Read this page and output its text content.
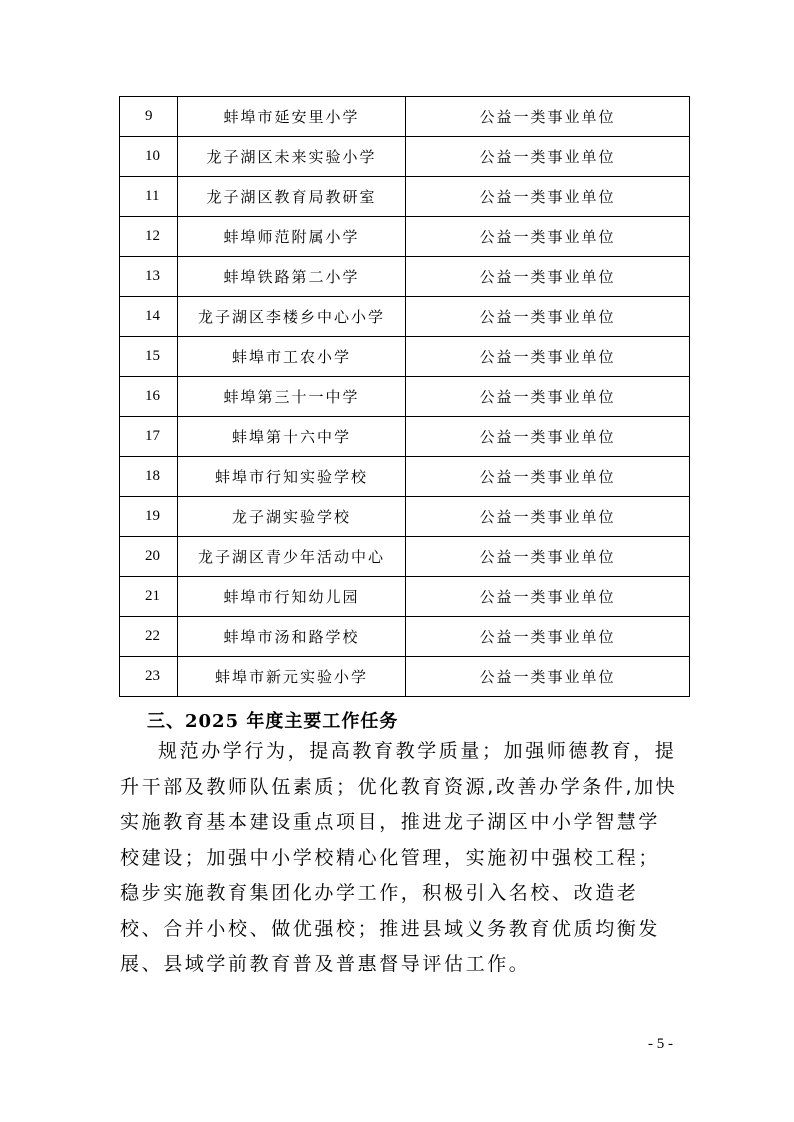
9	蚌埠市延安里小学	公益一类事业单位
10	龙子湖区未来实验小学	公益一类事业单位
11	龙子湖区教育局教研室	公益一类事业单位
12	蚌埠师范附属小学	公益一类事业单位
13	蚌埠铁路第二小学	公益一类事业单位
14	龙子湖区李楼乡中心小学	公益一类事业单位
15	蚌埠市工农小学	公益一类事业单位
16	蚌埠第三十一中学	公益一类事业单位
17	蚌埠第十六中学	公益一类事业单位
18	蚌埠市行知实验学校	公益一类事业单位
19	龙子湖实验学校	公益一类事业单位
20	龙子湖区青少年活动中心	公益一类事业单位
21	蚌埠市行知幼儿园	公益一类事业单位
22	蚌埠市汤和路学校	公益一类事业单位
23	蚌埠市新元实验小学	公益一类事业单位
三、2025 年度主要工作任务

规范办学行为，提高教育教学质量；加强师德教育，提升干部及教师队伍素质；优化教育资源,改善办学条件,加快实施教育基本建设重点项目，推进龙子湖区中小学智慧学校建设；加强中小学校精心化管理，实施初中强校工程；稳步实施教育集团化办学工作，积极引入名校、改造老校、合并小校、做优强校；推进县域义务教育优质均衡发展、县域学前教育普及普惠督导评估工作。

- 5 -
